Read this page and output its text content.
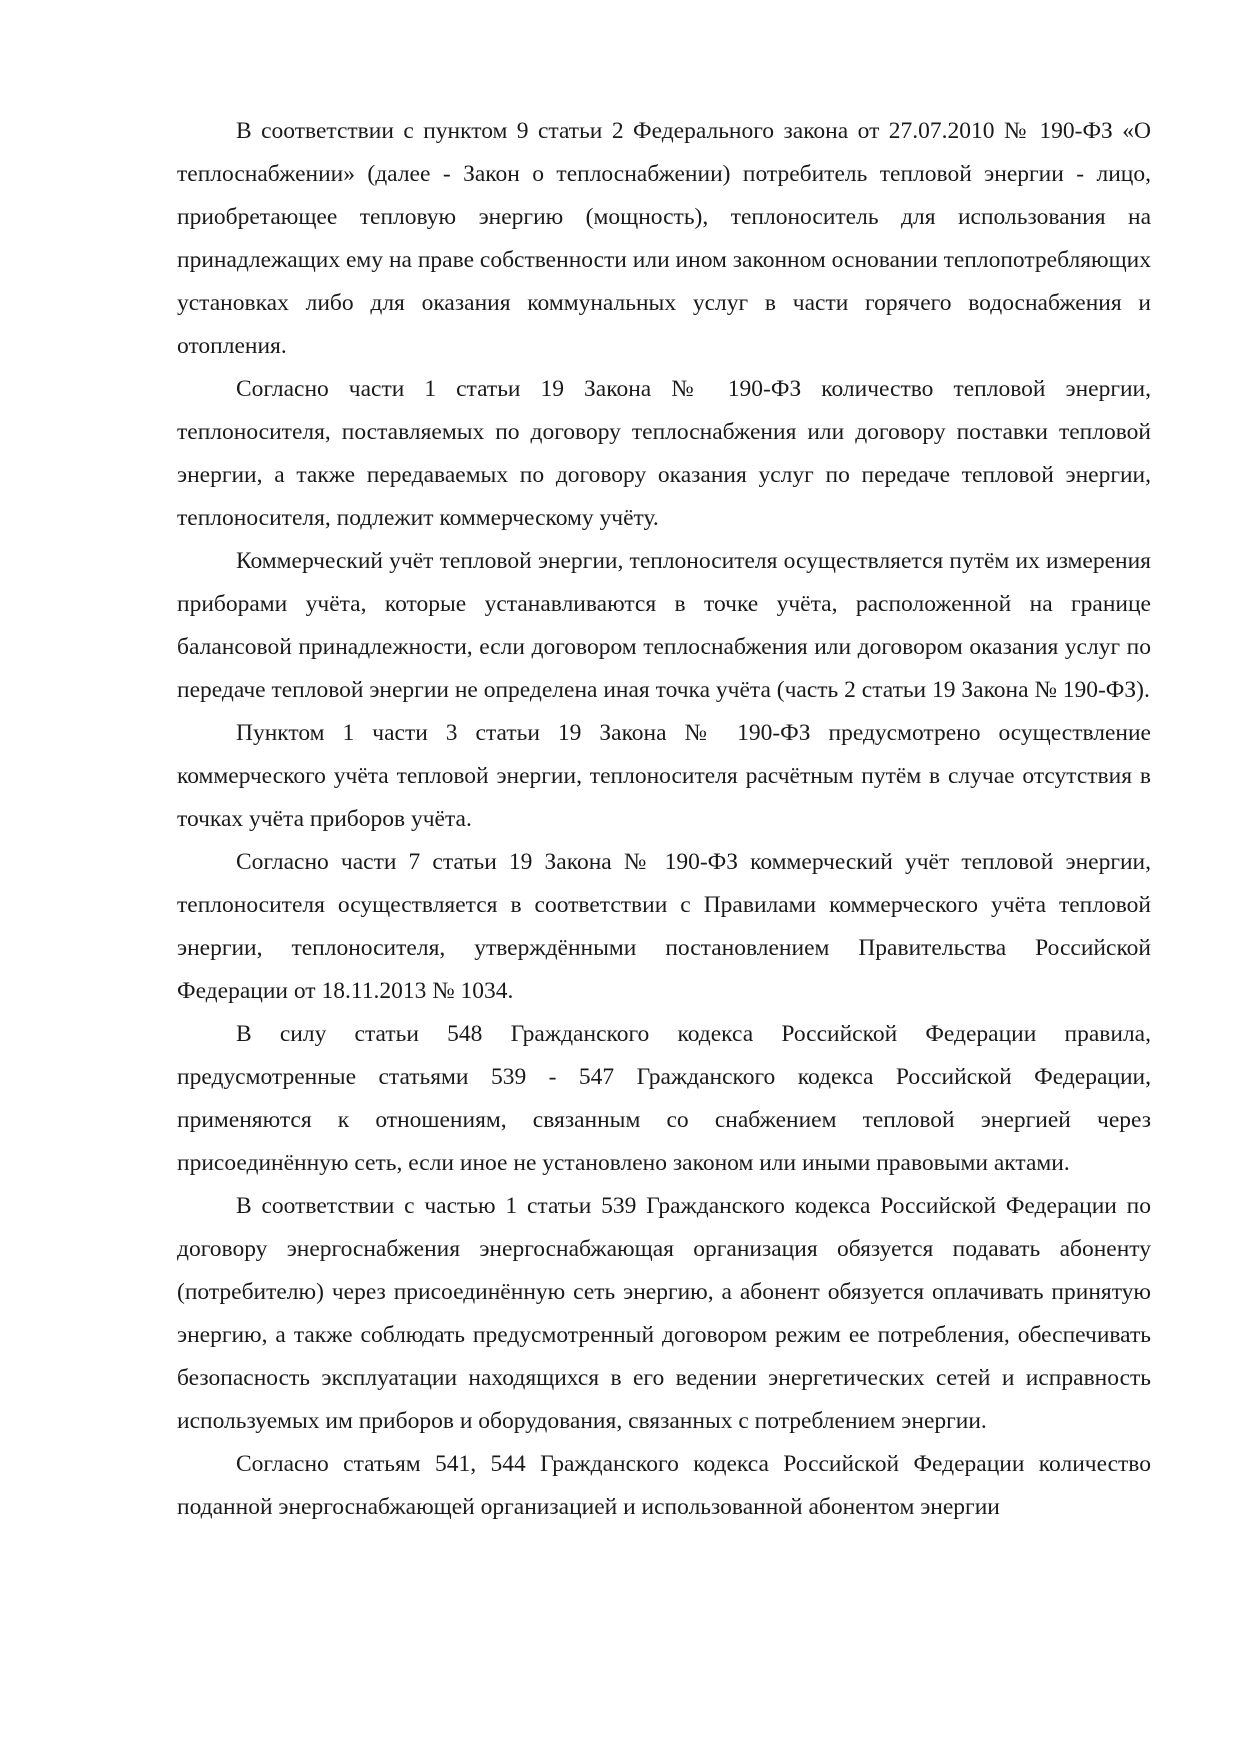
В соответствии с пунктом 9 статьи 2 Федерального закона от 27.07.2010 № 190-ФЗ «О теплоснабжении» (далее - Закон о теплоснабжении) потребитель тепловой энергии - лицо, приобретающее тепловую энергию (мощность), теплоноситель для использования на принадлежащих ему на праве собственности или ином законном основании теплопотребляющих установках либо для оказания коммунальных услуг в части горячего водоснабжения и отопления.

Согласно части 1 статьи 19 Закона № 190-ФЗ количество тепловой энергии, теплоносителя, поставляемых по договору теплоснабжения или договору поставки тепловой энергии, а также передаваемых по договору оказания услуг по передаче тепловой энергии, теплоносителя, подлежит коммерческому учёту.

Коммерческий учёт тепловой энергии, теплоносителя осуществляется путём их измерения приборами учёта, которые устанавливаются в точке учёта, расположенной на границе балансовой принадлежности, если договором теплоснабжения или договором оказания услуг по передаче тепловой энергии не определена иная точка учёта (часть 2 статьи 19 Закона № 190-ФЗ).

Пунктом 1 части 3 статьи 19 Закона № 190-ФЗ предусмотрено осуществление коммерческого учёта тепловой энергии, теплоносителя расчётным путём в случае отсутствия в точках учёта приборов учёта.

Согласно части 7 статьи 19 Закона № 190-ФЗ коммерческий учёт тепловой энергии, теплоносителя осуществляется в соответствии с Правилами коммерческого учёта тепловой энергии, теплоносителя, утверждёнными постановлением Правительства Российской Федерации от 18.11.2013 № 1034.

В силу статьи 548 Гражданского кодекса Российской Федерации правила, предусмотренные статьями 539 - 547 Гражданского кодекса Российской Федерации, применяются к отношениям, связанным со снабжением тепловой энергией через присоединённую сеть, если иное не установлено законом или иными правовыми актами.

В соответствии с частью 1 статьи 539 Гражданского кодекса Российской Федерации по договору энергоснабжения энергоснабжающая организация обязуется подавать абоненту (потребителю) через присоединённую сеть энергию, а абонент обязуется оплачивать принятую энергию, а также соблюдать предусмотренный договором режим ее потребления, обеспечивать безопасность эксплуатации находящихся в его ведении энергетических сетей и исправность используемых им приборов и оборудования, связанных с потреблением энергии.

Согласно статьям 541, 544 Гражданского кодекса Российской Федерации количество поданной энергоснабжающей организацией и использованной абонентом энергии
